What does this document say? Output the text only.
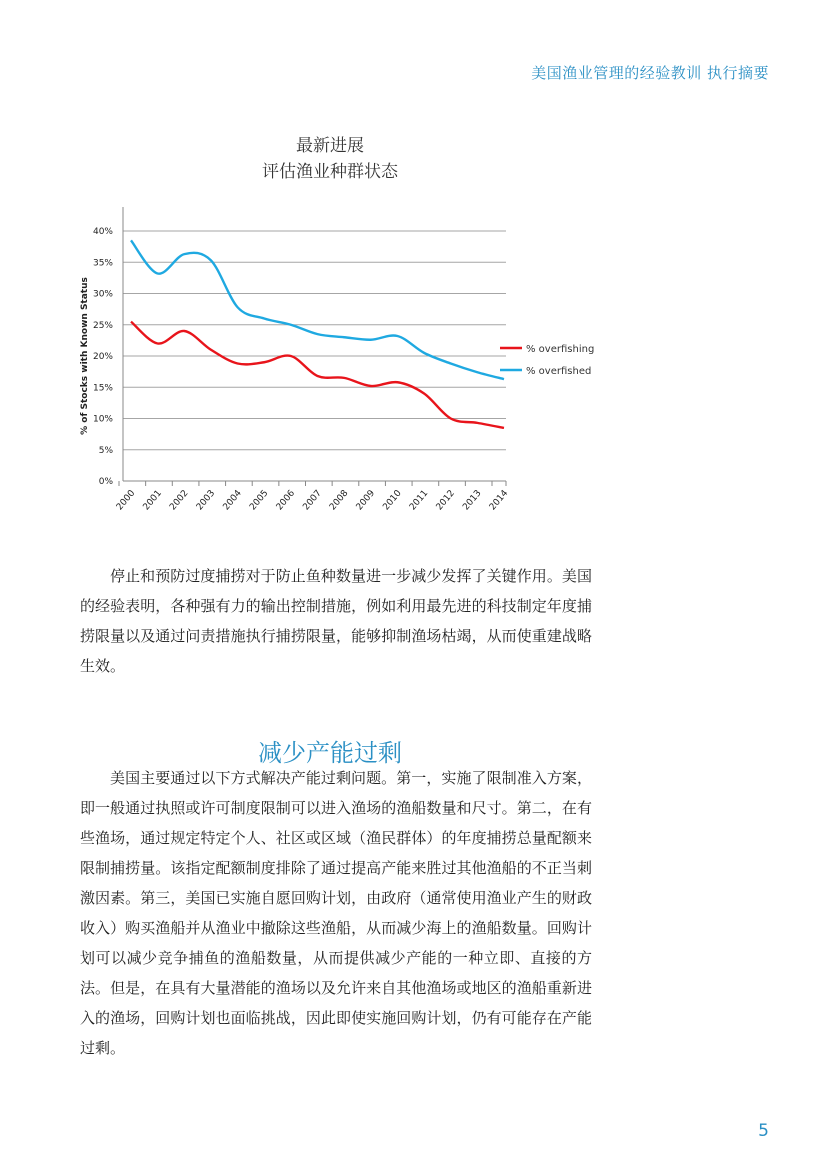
美国渔业管理的经验教训 执行摘要
最新进展
评估渔业种群状态
0%
5%
10%
15%
20%
25%
30%
35%
40%
2000 2001 2002 2003 2004 2005 2006 2007 2008 2009 2010 2011 2012 2013 2014
% of Stocks with Known Status	% overfishing
% overfished

停止和预防过度捕捞对于防止鱼种数量进一步减少发挥了关键作用。美国的经验表明，各种强有力的输出控制措施，例如利用最先进的科技制定年度捕捞限量以及通过问责措施执行捕捞限量，能够抑制渔场枯竭，从而使重建战略生效。

减少产能过剩

美国主要通过以下方式解决产能过剩问题。第一，实施了限制准入方案，即一般通过执照或许可制度限制可以进入渔场的渔船数量和尺寸。第二，在有些渔场，通过规定特定个人、社区或区域（渔民群体）的年度捕捞总量配额来限制捕捞量。该指定配额制度排除了通过提高产能来胜过其他渔船的不正当刺激因素。第三，美国已实施自愿回购计划，由政府（通常使用渔业产生的财政收入）购买渔船并从渔业中撤除这些渔船，从而减少海上的渔船数量。回购计划可以减少竞争捕鱼的渔船数量，从而提供减少产能的一种立即、直接的方法。但是，在具有大量潜能的渔场以及允许来自其他渔场或地区的渔船重新进入的渔场，回购计划也面临挑战，因此即使实施回购计划，仍有可能存在产能过剩。

5
